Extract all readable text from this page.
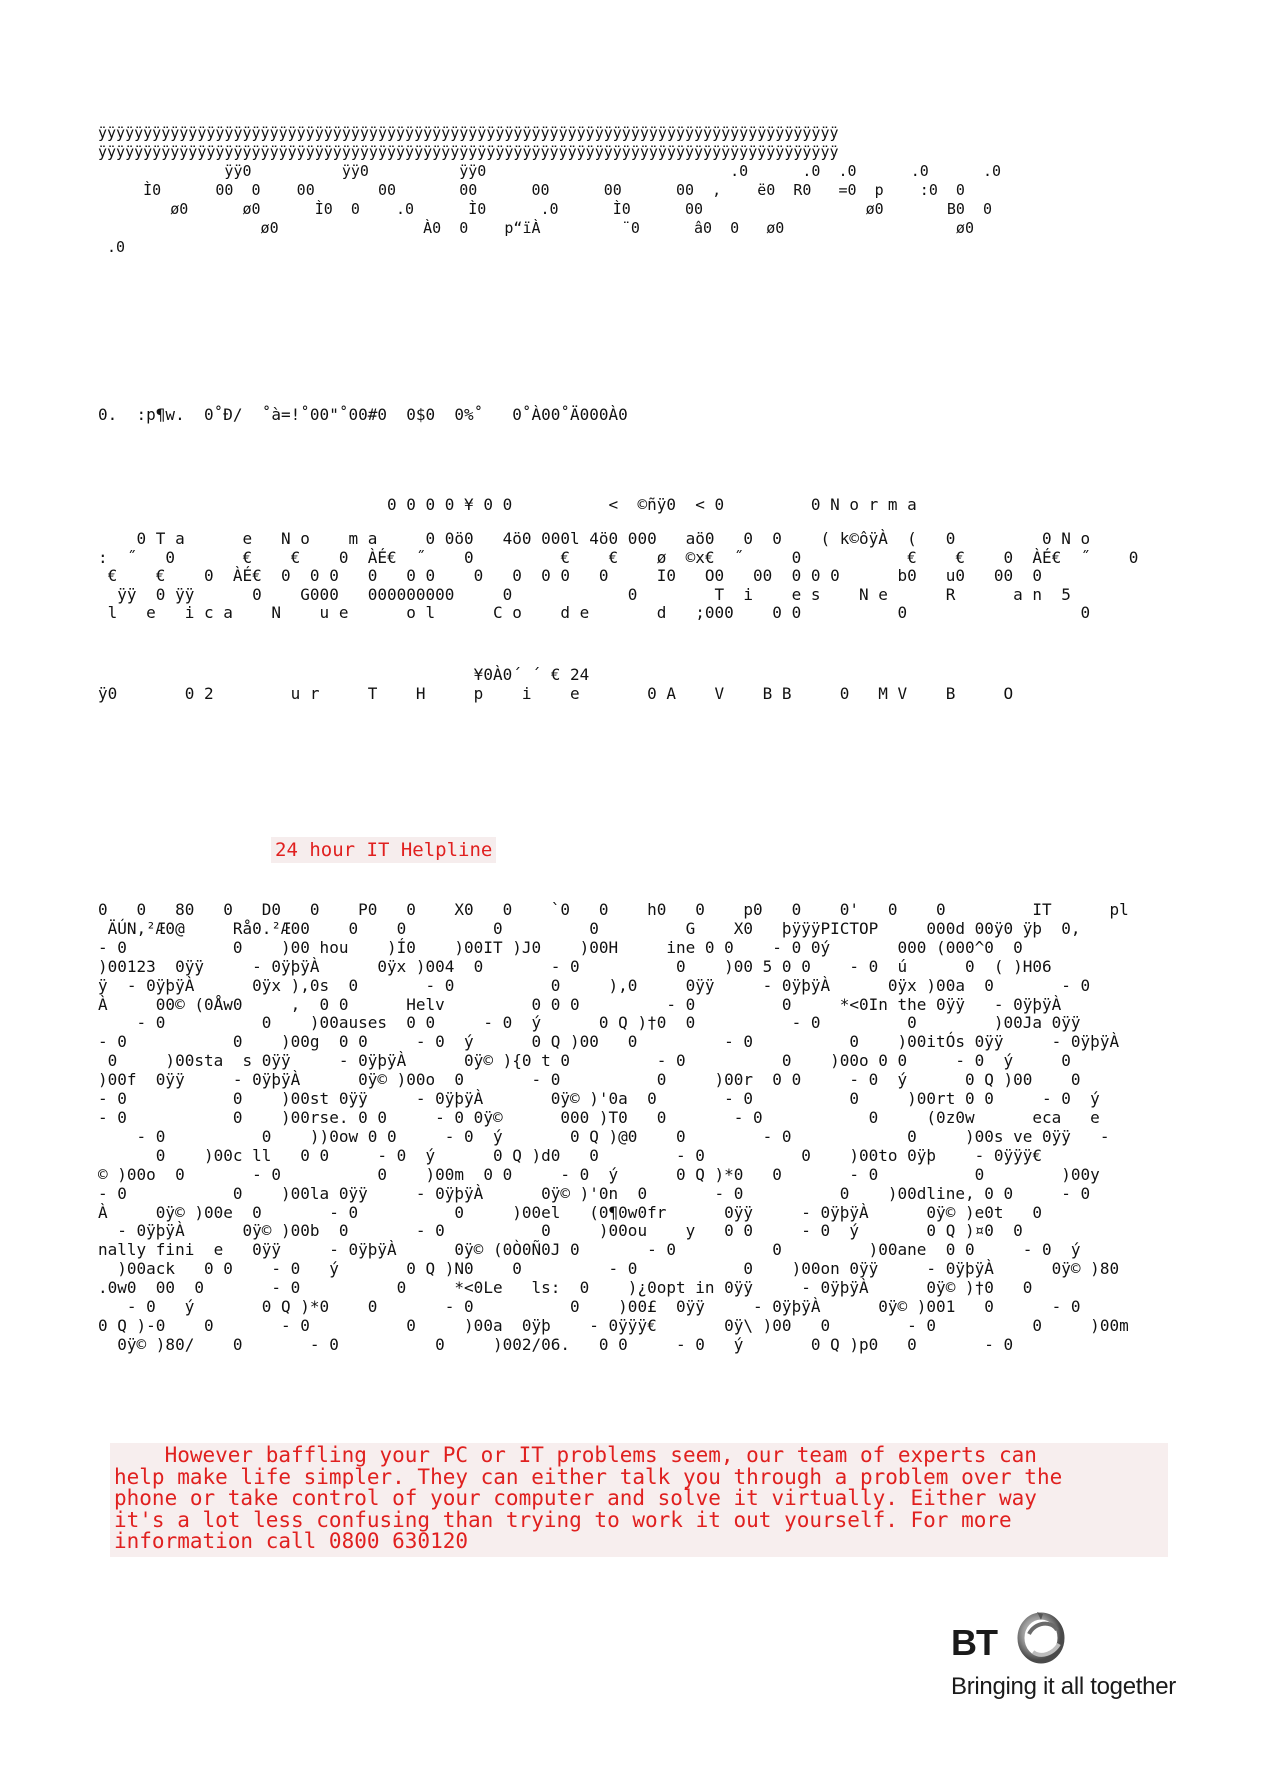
ÿÿÿÿÿÿÿÿÿÿÿÿÿÿÿÿÿÿÿÿÿÿÿÿÿÿÿÿÿÿÿÿÿÿÿÿÿÿÿÿÿÿÿÿÿÿÿÿÿÿÿÿÿÿÿÿÿÿÿÿÿÿÿÿÿÿÿÿÿÿÿÿÿÿÿÿÿÿÿÿÿÿ
ÿÿÿÿÿÿÿÿÿÿÿÿÿÿÿÿÿÿÿÿÿÿÿÿÿÿÿÿÿÿÿÿÿÿÿÿÿÿÿÿÿÿÿÿÿÿÿÿÿÿÿÿÿÿÿÿÿÿÿÿÿÿÿÿÿÿÿÿÿÿÿÿÿÿÿÿÿÿÿÿÿÿ
ÿÿ0          ÿÿ0          ÿÿ0                           .0      .0  .0      .0      .0
Ì0      00  0    00       00       00      00      00      00  ,    ë0  R0   =0  p    :0  0
ø0      ø0      Ì0  0    .0      Ì0      .0      Ì0      00                  ø0       B0  0
ø0                À0  0    p“ïÀ         ¨0      â0  0   ø0                   ø0
.0
0.  :p¶w.  0˚Ð/  ˚à=!˚00"˚00#0  0$0  0%˚   0˚À00˚Ä000À0
0 0 0 0 ¥ 0 0          <  ©ñÿ0  < 0         0 N o r m a
0 T a      e   N o    m a     0 0ö0   4ö0 000l 4ö0 000   aö0   0  0    ( k©ôÿÀ  (   0         0 N o
:  ˝   0       €    €    0  ÀÉ€  ˝    0         €    €    ø  ©x€  ˝     0           €    €    0  ÀÉ€  ˝    0
€    €    0  ÀÉ€  0  0 0   0   0 0    0   0  0 0   0     I0   O0   00  0 0 0      b0   u0   00  0
ÿÿ  0 ÿÿ      0    G000   000000000     0            0        T  i    e s    N e      R      a n  5
l   e   i c a    N    u e      o l      C o    d e       d   ;000    0 0          0                  0
¥0À0´ ´ € 24
ÿ0       0 2        u r     T    H     p    i    e       0 A    V    B B     0   M V    B     O
24 hour IT Helpline
0   0   80   0   D0   0    P0   0    X0   0    `0   0    h0   0    p0   0    0'   0    0         IT      pl
ÄÚN,²Æ0@     Rå0.²Æ00    0    0         0         0         G    X0   þÿÿÿPICTOP     000d 00ÿ0 ÿþ  0,
- 0           0    )00 hou    )Í0    )00IT )J0    )00H     ine 0 0    - 0 0ý       000 (000^0  0
)00123  0ÿÿ     - 0ÿþÿÀ      0ÿx )004  0       - 0          0    )00 5 0 0    - 0  ú      0  ( )H06
ÿ  - 0ÿþÿÀ      0ÿx ),0s  0       - 0          0     ),0     0ÿÿ     - 0ÿþÿÀ      0ÿx )00a  0       - 0
À     00© (0Åw0     ,  0 0      Helv         0 0 0         - 0         0     *<0In the 0ÿÿ   - 0ÿþÿÀ
- 0          0    )00auses  0 0     - 0  ý      0 Q )†0  0          - 0         0        )00Ja 0ÿÿ
- 0           0    )00g  0 0     - 0  ý      0 Q )00   0         - 0          0    )00itÓs 0ÿÿ     - 0ÿþÿÀ
0     )00sta  s 0ÿÿ     - 0ÿþÿÀ      0ÿ© ){0 t 0         - 0          0    )00o 0 0     - 0  ý     0
)00f  0ÿÿ     - 0ÿþÿÀ      0ÿ© )00o  0       - 0          0     )00r  0 0     - 0  ý      0 Q )00    0
- 0           0    )00st 0ÿÿ     - 0ÿþÿÀ       0ÿ© )'0a  0       - 0          0     )00rt 0 0     - 0  ý
- 0           0    )00rse. 0 0     - 0 0ÿ©      000 )T0   0       - 0           0     (0z0w      eca   e
- 0          0    ))0ow 0 0     - 0  ý       0 Q )@0    0        - 0            0     )00s ve 0ÿÿ   -
0    )00c ll   0 0     - 0  ý      0 Q )d0   0        - 0          0    )00to 0ÿþ    - 0ÿÿÿ€
© )00o  0       - 0          0    )00m  0 0     - 0  ý      0 Q )*0   0       - 0          0        )00y
- 0           0    )00la 0ÿÿ     - 0ÿþÿÀ      0ÿ© )'0n  0       - 0          0    )00dline, 0 0     - 0
À     0ÿ© )00e  0       - 0          0     )00el   (0¶0w0fr      0ÿÿ     - 0ÿþÿÀ      0ÿ© )e0t   0
- 0ÿþÿÀ      0ÿ© )00b  0       - 0          0     )00ou    y   0 0     - 0  ý       0 Q )¤0  0
nally fini  e   0ÿÿ     - 0ÿþÿÀ      0ÿ© (0Ò0Ñ0J 0       - 0          0         )00ane  0 0     - 0  ý
)00ack   0 0    - 0   ý       0 Q )N0    0         - 0           0    )00on 0ÿÿ     - 0ÿþÿÀ      0ÿ© )80
.0w0  00  0       - 0          0     *<0Le   ls:  0    )¿0opt in 0ÿÿ     - 0ÿþÿÀ      0ÿ© )†0   0
- 0   ý       0 Q )*0    0       - 0          0    )00£  0ÿÿ     - 0ÿþÿÀ      0ÿ© )001   0      - 0
0 Q )-0    0       - 0          0     )00a  0ÿþ    - 0ÿÿÿ€       0ÿ\ )00   0        - 0          0     )00m
0ÿ© )80/    0       - 0          0     )002/06.   0 0     - 0   ý       0 Q )p0   0       - 0
However baffling your PC or IT problems seem, our team of experts can
help make life simpler. They can either talk you through a problem over the
phone or take control of your computer and solve it virtually. Either way
it's a lot less confusing than trying to work it out yourself. For more
information call 0800 630120
BT
Bringing it all together
